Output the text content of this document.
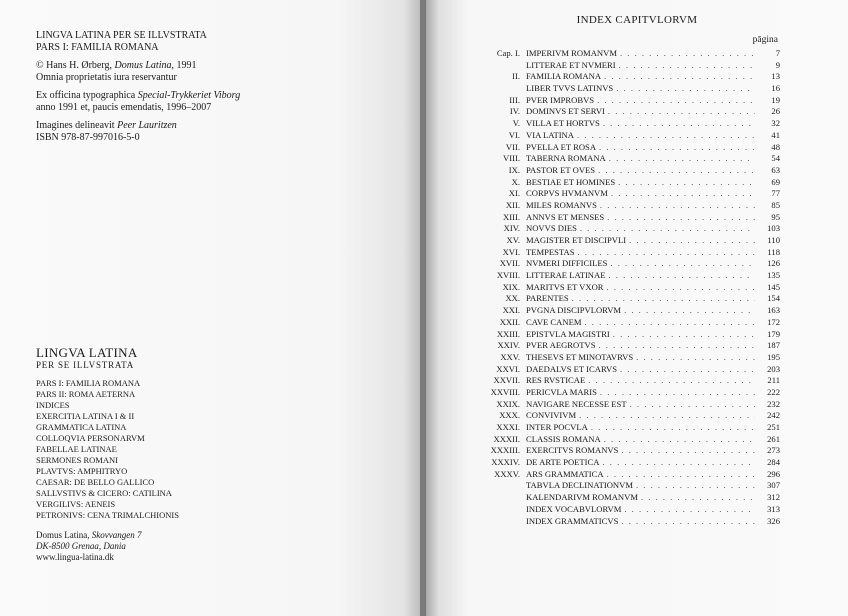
LINGVA LATINA PER SE ILLVSTRATA
PARS I: FAMILIA ROMANA
© Hans H. Ørberg, Domus Latina, 1991
Omnia proprietatis iura reservantur
Ex officina typographica Special-Trykkeriet Viborg
anno 1991 et, paucis emendatis, 1996–2007
Imagines delineavit Peer Lauritzen
ISBN 978-87-997016-5-0
LINGVA LATINA
PER SE ILLVSTRATA
PARS I: FAMILIA ROMANA
PARS II: ROMA AETERNA
INDICES
EXERCITIA LATINA I & II
GRAMMATICA LATINA
COLLOQVIA PERSONARVM
FABELLAE LATINAE
SERMONES ROMANI
PLAVTVS: AMPHITRYO
CAESAR: DE BELLO GALLICO
SALLVSTIVS & CICERO: CATILINA
VERGILIVS: AENEIS
PETRONIVS: CENA TRIMALCHIONIS
Domus Latina, Skovvangen 7
DK-8500 Grenaa, Dania
www.lingua-latina.dk
INDEX CAPITVLORVM
pāgina
Cap. I. IMPERIVM ROMANVM . . .	7
LITTERAE ET NVMERI . . .	9
II. FAMILIA ROMANA . . .	13
LIBER TVVS LATINVS . . .	16
III. PVER IMPROBVS . . .	19
IV. DOMINVS ET SERVI . . .	26
V. VILLA ET HORTVS . . .	32
VI. VIA LATINA . . .	41
VII. PVELLA ET ROSA . . .	48
VIII. TABERNA ROMANA . . .	54
IX. PASTOR ET OVES . . .	63
X. BESTIAE ET HOMINES . . .	69
XI. CORPVS HVMANVM . . .	77
XII. MILES ROMANVS . . .	85
XIII. ANNVS ET MENSES . . .	95
XIV. NOVVS DIES . . .	103
XV. MAGISTER ET DISCIPVLI . . .	110
XVI. TEMPESTAS . . .	118
XVII. NVMERI DIFFICILES . . .	126
XVIII. LITTERAE LATINAE . . .	135
XIX. MARITVS ET VXOR . . .	145
XX. PARENTES . . .	154
XXI. PVGNA DISCIPVLORVM . . .	163
XXII. CAVE CANEM . . .	172
XXIII. EPISTVLA MAGISTRI . . .	179
XXIV. PVER AEGROTVS . . .	187
XXV. THESEVS ET MINOTAVRVS . . .	195
XXVI. DAEDALVS ET ICARVS . . .	203
XXVII. RES RVSTICAE . . .	211
XXVIII. PERICVLA MARIS . . .	222
XXIX. NAVIGARE NECESSE EST . . .	232
XXX. CONVIVIVM . . .	242
XXXI. INTER POCVLA . . .	251
XXXII. CLASSIS ROMANA . . .	261
XXXIII. EXERCITVS ROMANVS . . .	273
XXXIV. DE ARTE POETICA . . .	284
XXXV. ARS GRAMMATICA . . .	296
TABVLA DECLINATIONVM . . .	307
KALENDARIVM ROMANVM . . .	312
INDEX VOCABVLORVM . . .	313
INDEX GRAMMATICVS . . .	326
